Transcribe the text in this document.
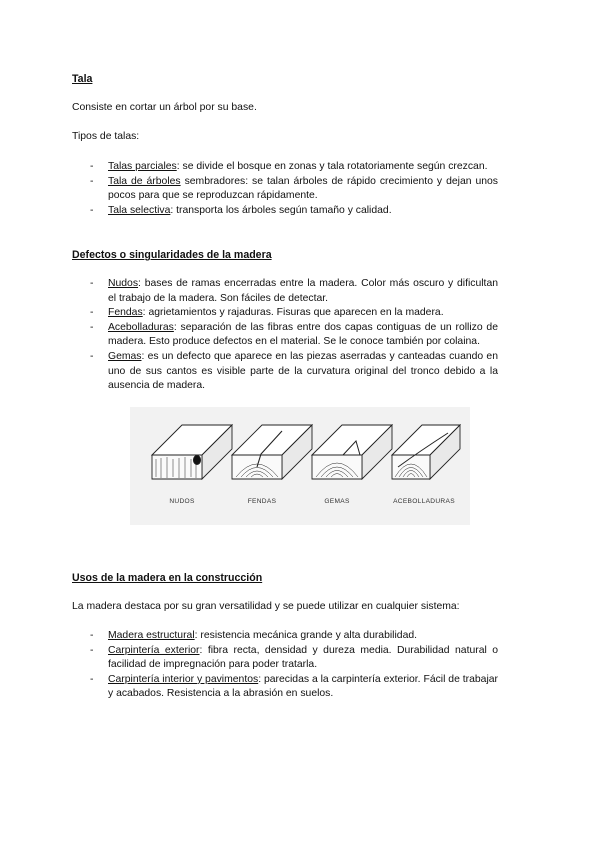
Tala
Consiste en cortar un árbol por su base.
Tipos de talas:
- Talas parciales: se divide el bosque en zonas y tala rotatoriamente según crezcan.
- Tala de árboles sembradores: se talan árboles de rápido crecimiento y dejan unos pocos para que se reproduzcan rápidamente.
- Tala selectiva: transporta los árboles según tamaño y calidad.
Defectos o singularidades de la madera
- Nudos: bases de ramas encerradas entre la madera. Color más oscuro y dificultan el trabajo de la madera. Son fáciles de detectar.
- Fendas: agrietamientos y rajaduras. Fisuras que aparecen en la madera.
- Acebolladuras: separación de las fibras entre dos capas contiguas de un rollizo de madera. Esto produce defectos en el material. Se le conoce también por colaina.
- Gemas: es un defecto que aparece en las piezas aserradas y canteadas cuando en uno de sus cantos es visible parte de la curvatura original del tronco debido a la ausencia de madera.
NUDOS	FENDAS	GEMAS	ACEBOLLADURAS
Usos de la madera en la construcción
La madera destaca por su gran versatilidad y se puede utilizar en cualquier sistema:
- Madera estructural: resistencia mecánica grande y alta durabilidad.
- Carpintería exterior: fibra recta, densidad y dureza media. Durabilidad natural o facilidad de impregnación para poder tratarla.
- Carpintería interior y pavimentos: parecidas a la carpintería exterior. Fácil de trabajar y acabados. Resistencia a la abrasión en suelos.
